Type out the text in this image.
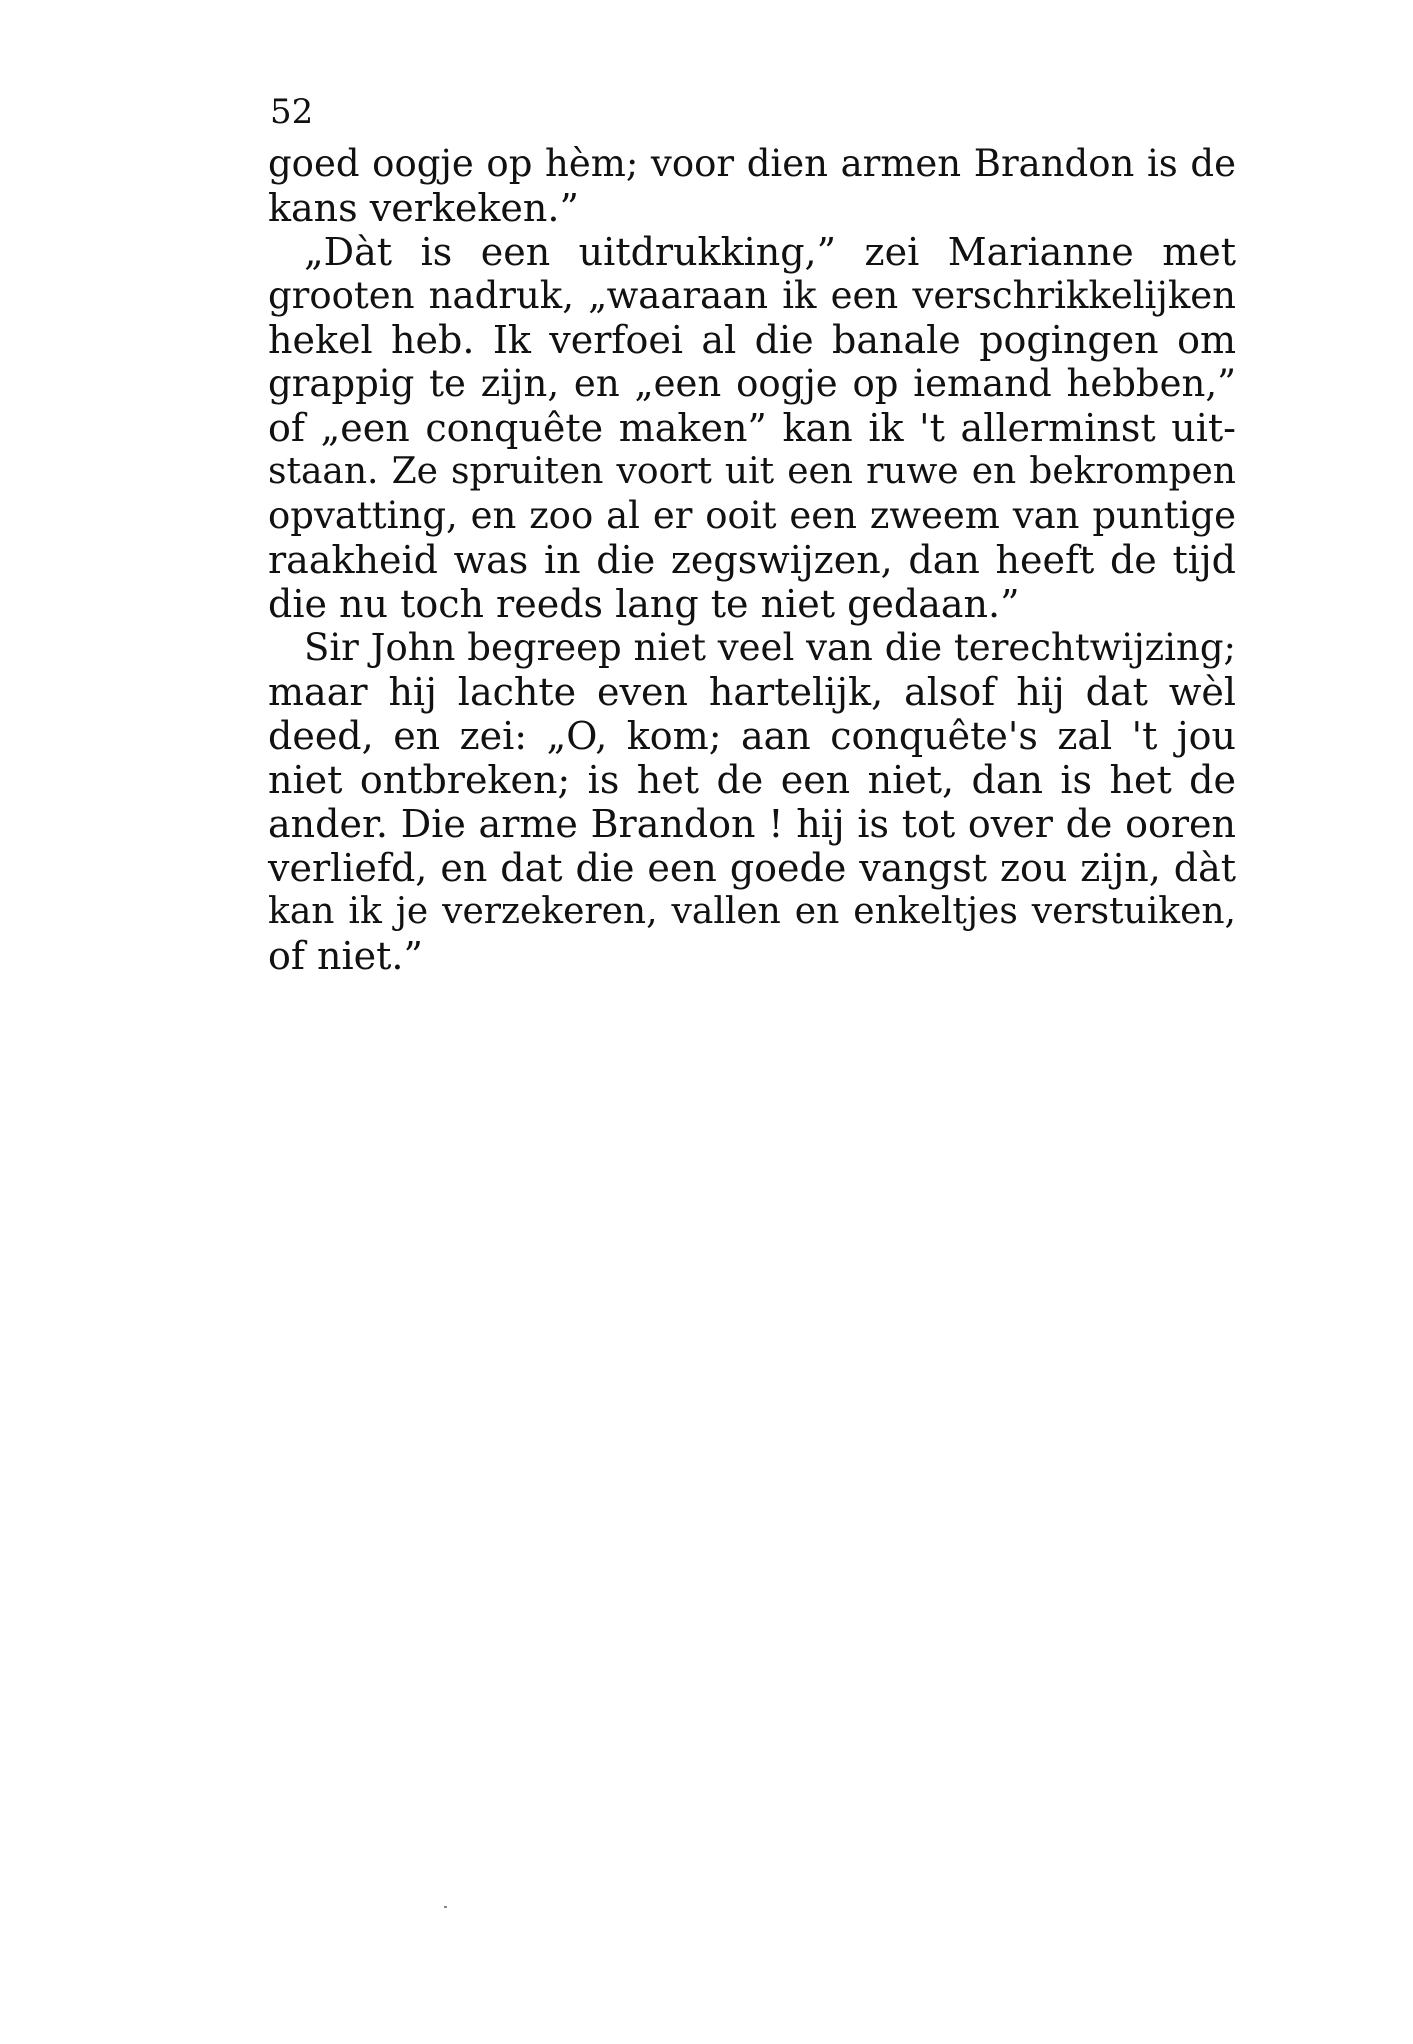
52
goed oogje op hèm; voor dien armen Brandon is de
kans verkeken.”
„Dàt is een uitdrukking,” zei Marianne met
grooten nadruk, „waaraan ik een verschrikkelijken
hekel heb. Ik verfoei al die banale pogingen om
grappig te zijn, en „een oogje op iemand hebben,”
of „een conquête maken” kan ik 't allerminst uit-
staan. Ze spruiten voort uit een ruwe en bekrompen
opvatting, en zoo al er ooit een zweem van puntige
raakheid was in die zegswijzen, dan heeft de tijd
die nu toch reeds lang te niet gedaan.”
Sir John begreep niet veel van die terechtwijzing;
maar hij lachte even hartelijk, alsof hij dat wèl
deed, en zei: „O, kom; aan conquête's zal 't jou
niet ontbreken; is het de een niet, dan is het de
ander. Die arme Brandon ! hij is tot over de ooren
verliefd, en dat die een goede vangst zou zijn, dàt
kan ik je verzekeren, vallen en enkeltjes verstuiken,
of niet.”
